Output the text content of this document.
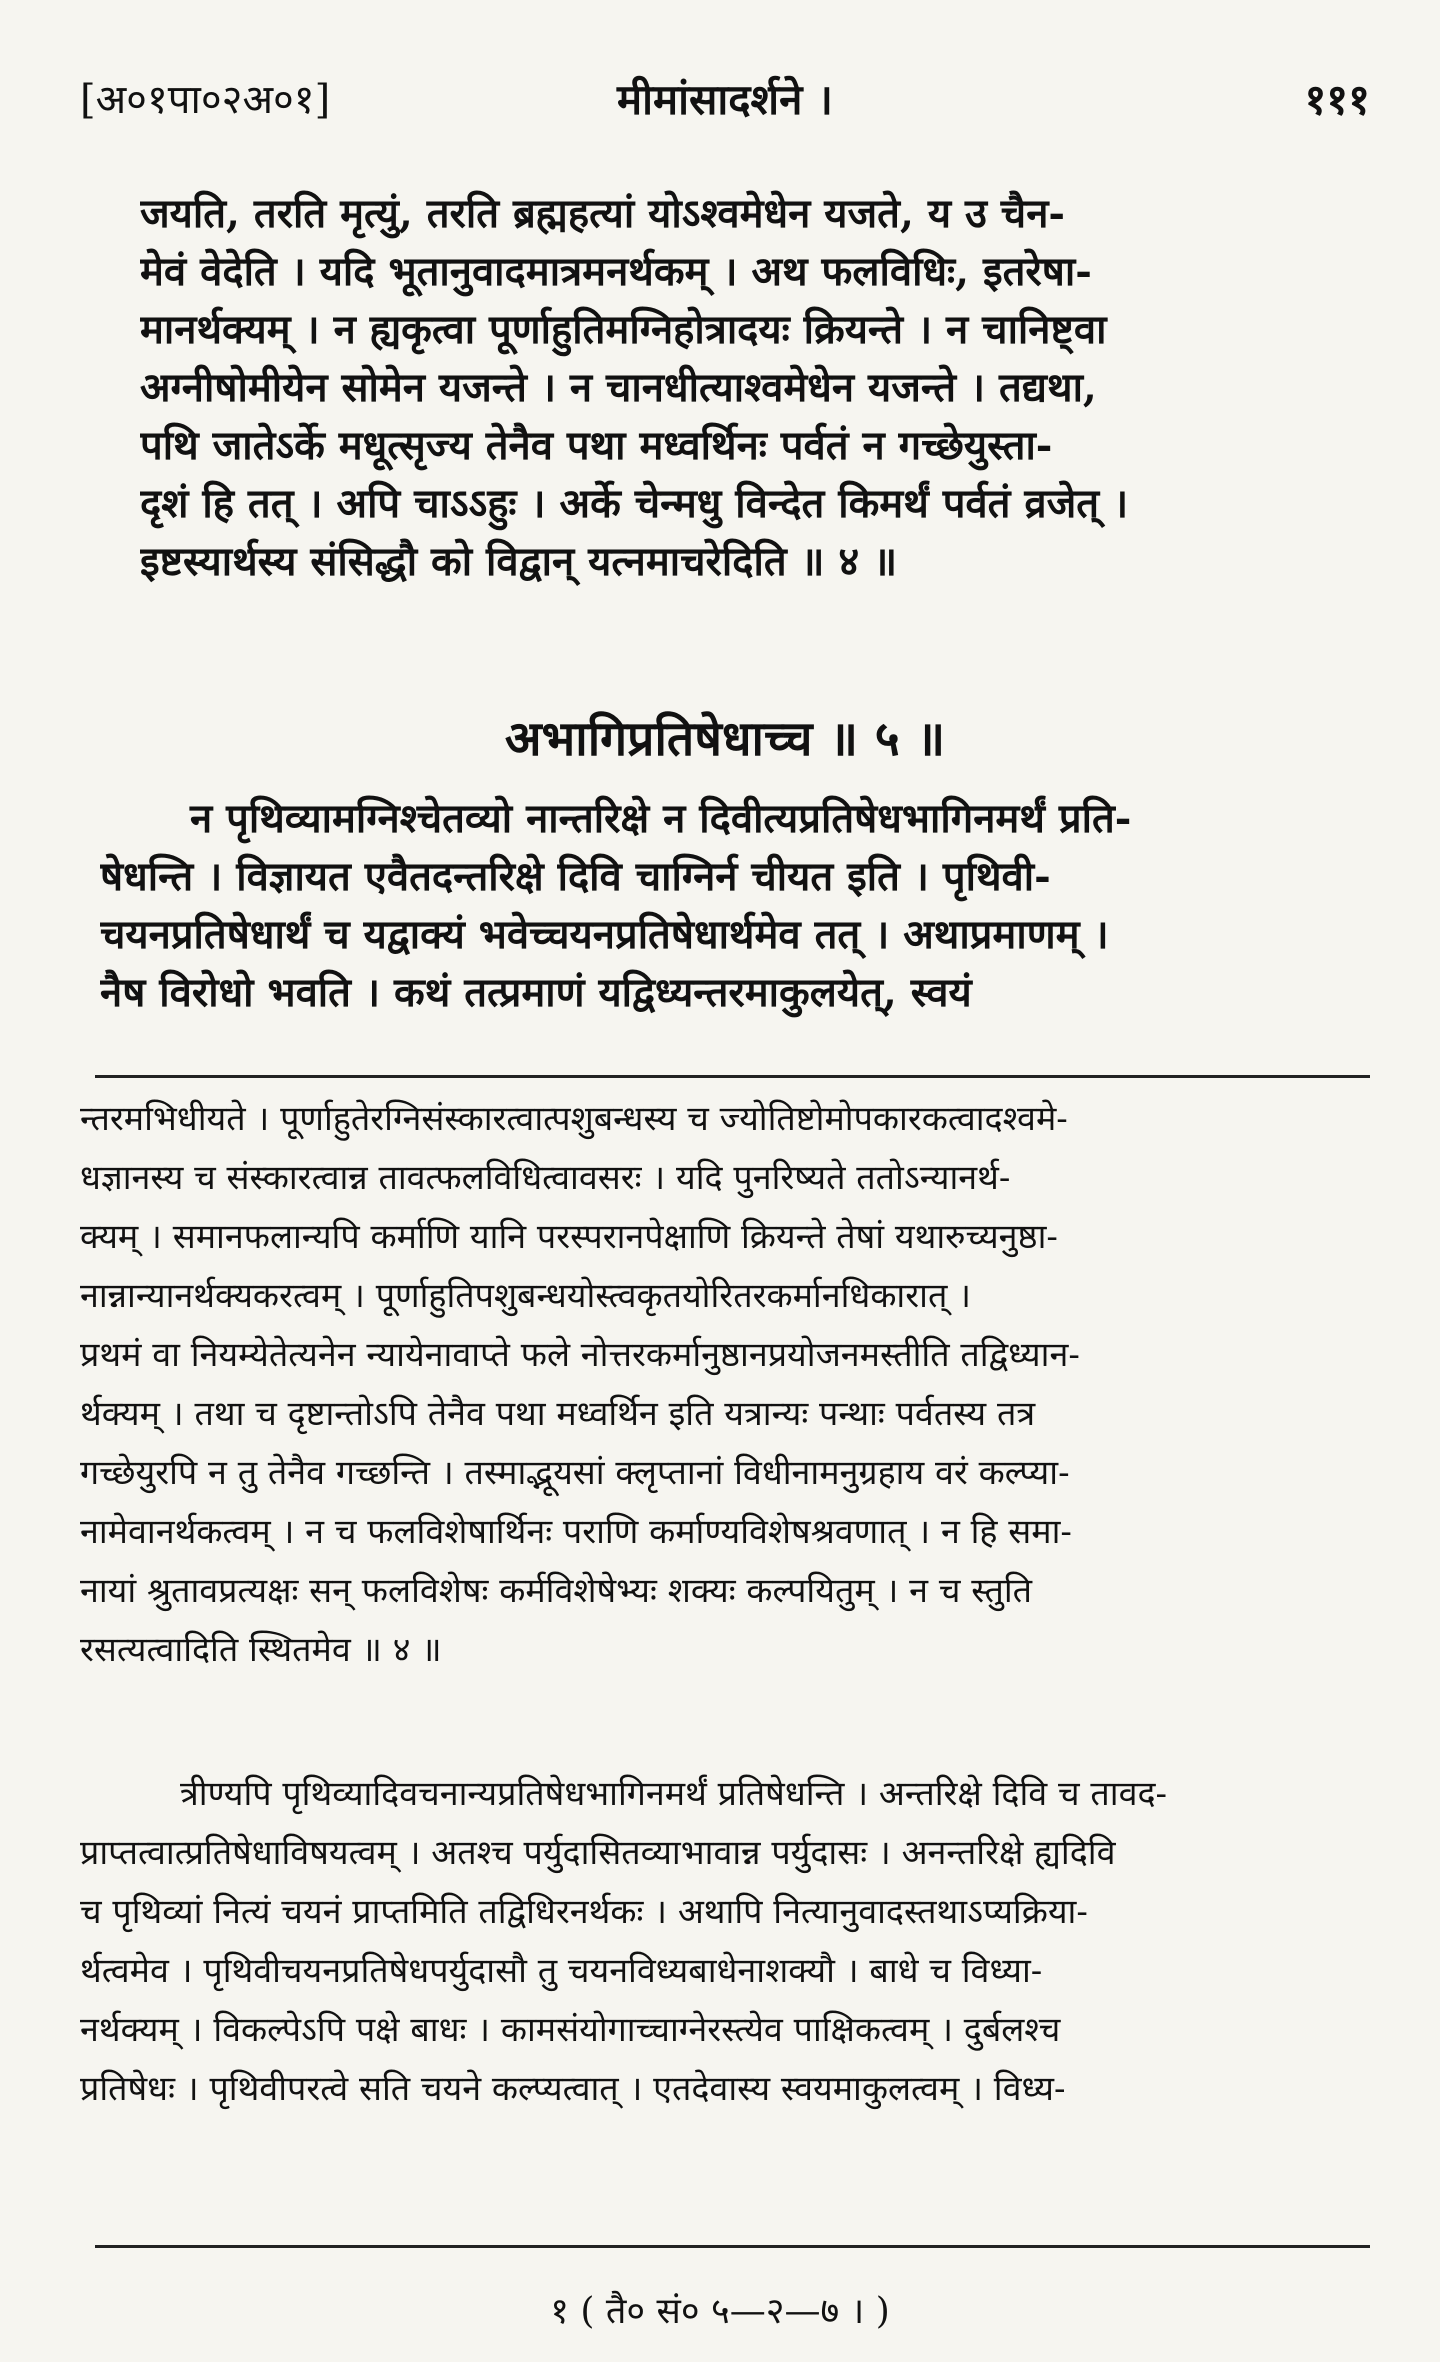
[अ०१पा०२अ०१]	मीमांसादर्शने ।	१११

जयति, तरति मृत्युं, तरति ब्रह्महत्यां योऽश्वमेधेन यजते, य उ चैन-

मेवं वेदेति । यदि भूतानुवादमात्रमनर्थकम् । अथ फलविधिः, इतरेषा-

मानर्थक्यम् । न ह्यकृत्वा पूर्णाहुतिमग्निहोत्रादयः क्रियन्ते । न चानिष्ट्वा

अग्नीषोमीयेन सोमेन यजन्ते । न चानधीत्याश्वमेधेन यजन्ते । तद्यथा,

पथि जातेऽर्के मधूत्सृज्य तेनैव पथा मध्वर्थिनः पर्वतं न गच्छेयुस्ता-

दृशं हि तत् । अपि चाऽऽहुः । अर्के चेन्मधु विन्देत किमर्थं पर्वतं व्रजेत् ।

इष्टस्यार्थस्य संसिद्धौ को विद्वान् यत्नमाचरेदिति ॥ ४ ॥

अभागिप्रतिषेधाच्च ॥ ५ ॥

न पृथिव्यामग्निश्चेतव्यो नान्तरिक्षे न दिवीत्यप्रतिषेधभागिनमर्थं प्रति-

षेधन्ति । विज्ञायत एवैतदन्तरिक्षे दिवि चाग्निर्न चीयत इति । पृथिवी-

चयनप्रतिषेधार्थं च यद्वाक्यं भवेच्चयनप्रतिषेधार्थमेव तत् । अथाप्रमाणम् ।

नैष विरोधो भवति । कथं तत्प्रमाणं यद्विध्यन्तरमाकुलयेत्, स्वयं

न्तरमभिधीयते । पूर्णाहुतेरग्निसंस्कारत्वात्पशुबन्धस्य च ज्योतिष्टोमोपकारकत्वादश्वमे-

धज्ञानस्य च संस्कारत्वान्न तावत्फलविधित्वावसरः । यदि पुनरिष्यते ततोऽन्यानर्थ-

क्यम् । समानफलान्यपि कर्माणि यानि परस्परानपेक्षाणि क्रियन्ते तेषां यथारुच्यनुष्ठा-

नान्नान्यानर्थक्यकरत्वम् । पूर्णाहुतिपशुबन्धयोस्त्वकृतयोरितरकर्मानधिकारात् ।

प्रथमं वा नियम्येतेत्यनेन न्यायेनावाप्ते फले नोत्तरकर्मानुष्ठानप्रयोजनमस्तीति तद्विध्यान-

र्थक्यम् । तथा च दृष्टान्तोऽपि तेनैव पथा मध्वर्थिन इति यत्रान्यः पन्थाः पर्वतस्य तत्र

गच्छेयुरपि न तु तेनैव गच्छन्ति । तस्माद्भूयसां क्लृप्तानां विधीनामनुग्रहाय वरं कल्प्या-

नामेवानर्थकत्वम् । न च फलविशेषार्थिनः पराणि कर्माण्यविशेषश्रवणात् । न हि समा-

नायां श्रुतावप्रत्यक्षः सन् फलविशेषः कर्मविशेषेभ्यः शक्यः कल्पयितुम् । न च स्तुति

रसत्यत्वादिति स्थितमेव ॥ ४ ॥

त्रीण्यपि पृथिव्यादिवचनान्यप्रतिषेधभागिनमर्थं प्रतिषेधन्ति । अन्तरिक्षे दिवि च तावद-

प्राप्तत्वात्प्रतिषेधाविषयत्वम् । अतश्च पर्युदासितव्याभावान्न पर्युदासः । अनन्तरिक्षे ह्यदिवि

च पृथिव्यां नित्यं चयनं प्राप्तमिति तद्विधिरनर्थकः । अथापि नित्यानुवादस्तथाऽप्यक्रिया-

र्थत्वमेव । पृथिवीचयनप्रतिषेधपर्युदासौ तु चयनविध्यबाधेनाशक्यौ । बाधे च विध्या-

नर्थक्यम् । विकल्पेऽपि पक्षे बाधः । कामसंयोगाच्चाग्नेरस्त्येव पाक्षिकत्वम् । दुर्बलश्च

प्रतिषेधः । पृथिवीपरत्वे सति चयने कल्प्यत्वात् । एतदेवास्य स्वयमाकुलत्वम् । विध्य-

१ ( तै० सं० ५—२—७ । )
